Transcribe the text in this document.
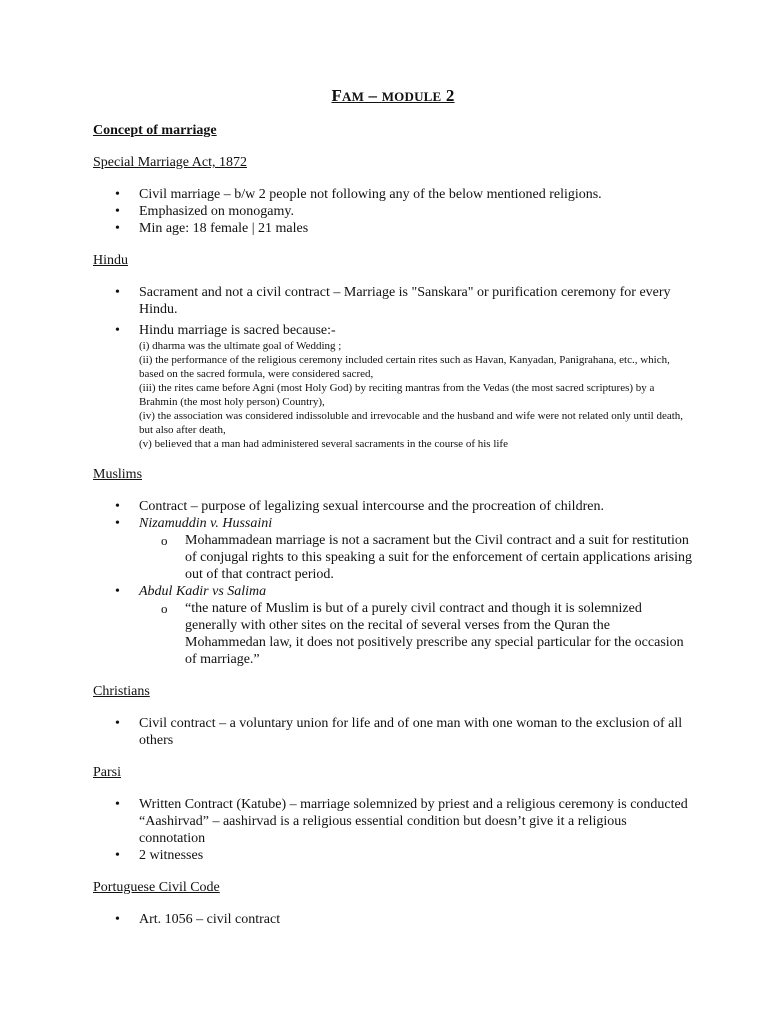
FAM – MODULE 2

Concept of marriage

Special Marriage Act, 1872

• Civil marriage – b/w 2 people not following any of the below mentioned religions.
• Emphasized on monogamy.
• Min age: 18 female | 21 males

Hindu

• Sacrament and not a civil contract – Marriage is "Sanskara" or purification ceremony for every Hindu.
• Hindu marriage is sacred because:-
(i) dharma was the ultimate goal of Wedding ;
(ii) the performance of the religious ceremony included certain rites such as Havan, Kanyadan, Panigrahana, etc., which, based on the sacred formula, were considered sacred,
(iii) the rites came before Agni (most Holy God) by reciting mantras from the Vedas (the most sacred scriptures) by a Brahmin (the most holy person) Country),
(iv) the association was considered indissoluble and irrevocable and the husband and wife were not related only until death, but also after death,
(v) believed that a man had administered several sacraments in the course of his life

Muslims

• Contract – purpose of legalizing sexual intercourse and the procreation of children.
• Nizamuddin v. Hussaini
o Mohammadean marriage is not a sacrament but the Civil contract and a suit for restitution of conjugal rights to this speaking a suit for the enforcement of certain applications arising out of that contract period.
• Abdul Kadir vs Salima
o “the nature of Muslim is but of a purely civil contract and though it is solemnized generally with other sites on the recital of several verses from the Quran the Mohammedan law, it does not positively prescribe any special particular for the occasion of marriage.”

Christians

• Civil contract – a voluntary union for life and of one man with one woman to the exclusion of all others

Parsi

• Written Contract (Katube) – marriage solemnized by priest and a religious ceremony is conducted “Aashirvad” – aashirvad is a religious essential condition but doesn’t give it a religious connotation
• 2 witnesses

Portuguese Civil Code

• Art. 1056 – civil contract
